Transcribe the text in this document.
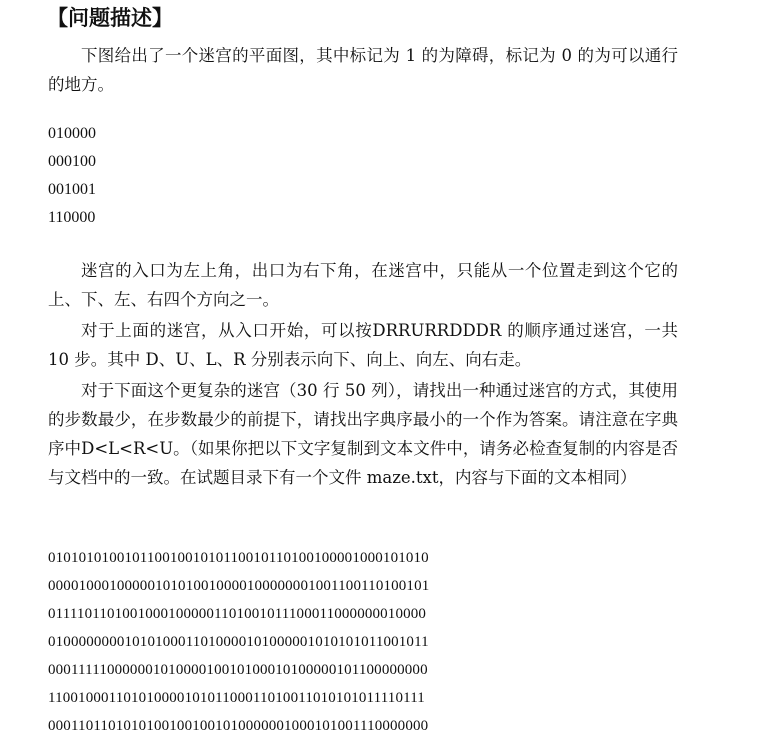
【问题描述】

下图给出了一个迷宫的平面图，其中标记为 1 的为障碍，标记为 0 的为可以通行的地方。

010000
000100
001001
110000

迷宫的入口为左上角，出口为右下角，在迷宫中，只能从一个位置走到这个它的上、下、左、右四个方向之一。

对于上面的迷宫，从入口开始，可以按DRRURRDDDR 的顺序通过迷宫，一共 10 步。其中 D、U、L、R 分别表示向下、向上、向左、向右走。

对于下面这个更复杂的迷宫（30 行 50 列），请找出一种通过迷宫的方式，其使用的步数最少，在步数最少的前提下，请找出字典序最小的一个作为答案。请注意在字典序中D<L<R<U。（如果你把以下文字复制到文本文件中，请务必检查复制的内容是否与文档中的一致。在试题目录下有一个文件 maze.txt，内容与下面的文本相同）

01010101001011001001010110010110100100001000101010
00001000100000101010010000100000001001100110100101
01111011010010001000001101001011100011000000010000
01000000001010100011010000101000001010101011001011
00011111000000101000010010100010100000101100000000
11001000110101000010101100011010011010101011110111
00011011010101001001001010000001000101001110000000
